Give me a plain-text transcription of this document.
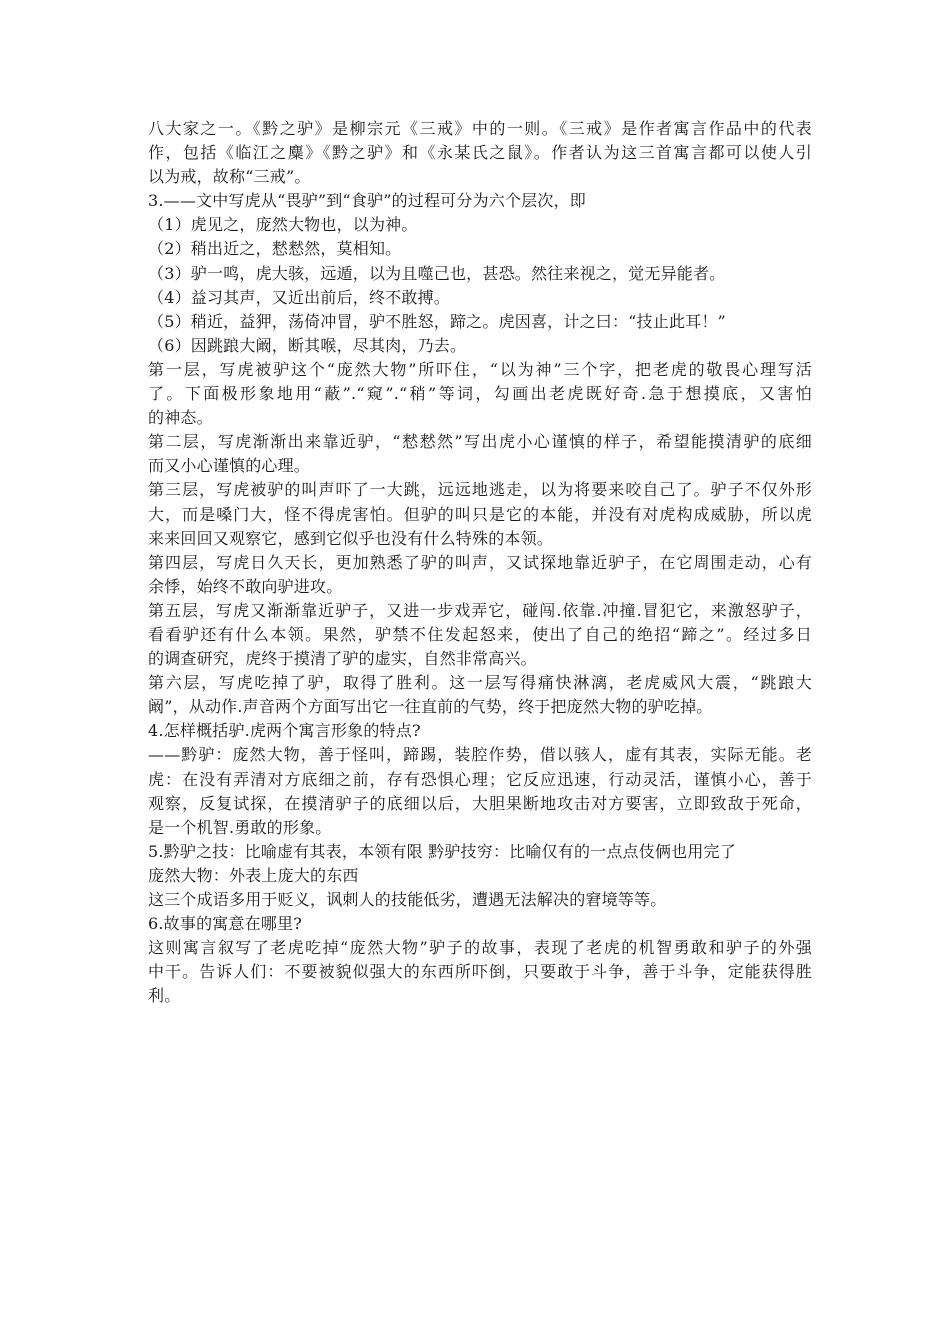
八大家之一。《黔之驴》是柳宗元《三戒》中的一则。《三戒》是作者寓言作品中的代表
作，包括《临江之麋》《黔之驴》和《永某氏之鼠》。作者认为这三首寓言都可以使人引
以为戒，故称“三戒”。
3.——文中写虎从“畏驴”到“食驴”的过程可分为六个层次，即
（1）虎见之，庞然大物也，以为神。
（2）稍出近之，慭慭然，莫相知。
（3）驴一鸣，虎大骇，远遁，以为且噬己也，甚恐。然往来视之，觉无异能者。
（4）益习其声，又近出前后，终不敢搏。
（5）稍近，益狎，荡倚冲冒，驴不胜怒，蹄之。虎因喜，计之曰：“技止此耳！”
（6）因跳踉大阚，断其喉，尽其肉，乃去。
第一层，写虎被驴这个“庞然大物”所吓住，“以为神”三个字，把老虎的敬畏心理写活
了。下面极形象地用“蔽”.“窥”.“稍”等词，勾画出老虎既好奇.急于想摸底，又害怕
的神态。
第二层，写虎渐渐出来靠近驴，“慭慭然”写出虎小心谨慎的样子，希望能摸清驴的底细
而又小心谨慎的心理。
第三层，写虎被驴的叫声吓了一大跳，远远地逃走，以为将要来咬自己了。驴子不仅外形
大，而是嗓门大，怪不得虎害怕。但驴的叫只是它的本能，并没有对虎构成威胁，所以虎
来来回回又观察它，感到它似乎也没有什么特殊的本领。
第四层，写虎日久天长，更加熟悉了驴的叫声，又试探地靠近驴子，在它周围走动，心有
余悸，始终不敢向驴进攻。
第五层，写虎又渐渐靠近驴子，又进一步戏弄它，碰闯.依靠.冲撞.冒犯它，来激怒驴子，
看看驴还有什么本领。果然，驴禁不住发起怒来，使出了自己的绝招“蹄之”。经过多日
的调查研究，虎终于摸清了驴的虚实，自然非常高兴。
第六层，写虎吃掉了驴，取得了胜利。这一层写得痛快淋漓，老虎威风大震，“跳踉大
阚”，从动作.声音两个方面写出它一往直前的气势，终于把庞然大物的驴吃掉。
4.怎样概括驴.虎两个寓言形象的特点?
——黔驴：庞然大物，善于怪叫，蹄踢，装腔作势，借以骇人，虚有其表，实际无能。老
虎：在没有弄清对方底细之前，存有恐惧心理；它反应迅速，行动灵活，谨慎小心，善于
观察，反复试探，在摸清驴子的底细以后，大胆果断地攻击对方要害，立即致敌于死命，
是一个机智.勇敢的形象。
5.黔驴之技：比喻虚有其表，本领有限 黔驴技穷：比喻仅有的一点点伎俩也用完了
庞然大物：外表上庞大的东西
这三个成语多用于贬义，讽刺人的技能低劣，遭遇无法解决的窘境等等。
6.故事的寓意在哪里?
这则寓言叙写了老虎吃掉“庞然大物”驴子的故事，表现了老虎的机智勇敢和驴子的外强
中干。告诉人们：不要被貌似强大的东西所吓倒，只要敢于斗争，善于斗争，定能获得胜
利。
